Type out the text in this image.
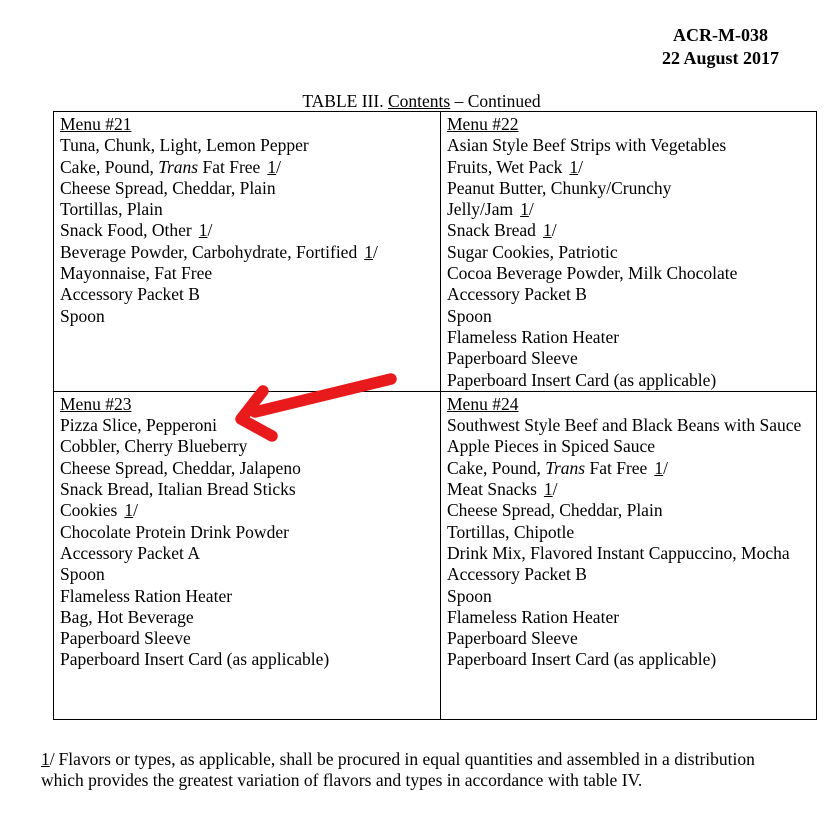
ACR-M-038
22 August 2017
TABLE III. Contents – Continued
Menu #21
Tuna, Chunk, Light, Lemon Pepper
Cake, Pound, Trans Fat Free 1/
Cheese Spread, Cheddar, Plain
Tortillas, Plain
Snack Food, Other 1/
Beverage Powder, Carbohydrate, Fortified 1/
Mayonnaise, Fat Free
Accessory Packet B
Spoon

Menu #22
Asian Style Beef Strips with Vegetables
Fruits, Wet Pack 1/
Peanut Butter, Chunky/Crunchy
Jelly/Jam 1/
Snack Bread 1/
Sugar Cookies, Patriotic
Cocoa Beverage Powder, Milk Chocolate
Accessory Packet B
Spoon
Flameless Ration Heater
Paperboard Sleeve
Paperboard Insert Card (as applicable)

Menu #23
Pizza Slice, Pepperoni
Cobbler, Cherry Blueberry
Cheese Spread, Cheddar, Jalapeno
Snack Bread, Italian Bread Sticks
Cookies 1/
Chocolate Protein Drink Powder
Accessory Packet A
Spoon
Flameless Ration Heater
Bag, Hot Beverage
Paperboard Sleeve
Paperboard Insert Card (as applicable)

Menu #24
Southwest Style Beef and Black Beans with Sauce
Apple Pieces in Spiced Sauce
Cake, Pound, Trans Fat Free 1/
Meat Snacks 1/
Cheese Spread, Cheddar, Plain
Tortillas, Chipotle
Drink Mix, Flavored Instant Cappuccino, Mocha
Accessory Packet B
Spoon
Flameless Ration Heater
Paperboard Sleeve
Paperboard Insert Card (as applicable)

1/ Flavors or types, as applicable, shall be procured in equal quantities and assembled in a distribution which provides the greatest variation of flavors and types in accordance with table IV.
